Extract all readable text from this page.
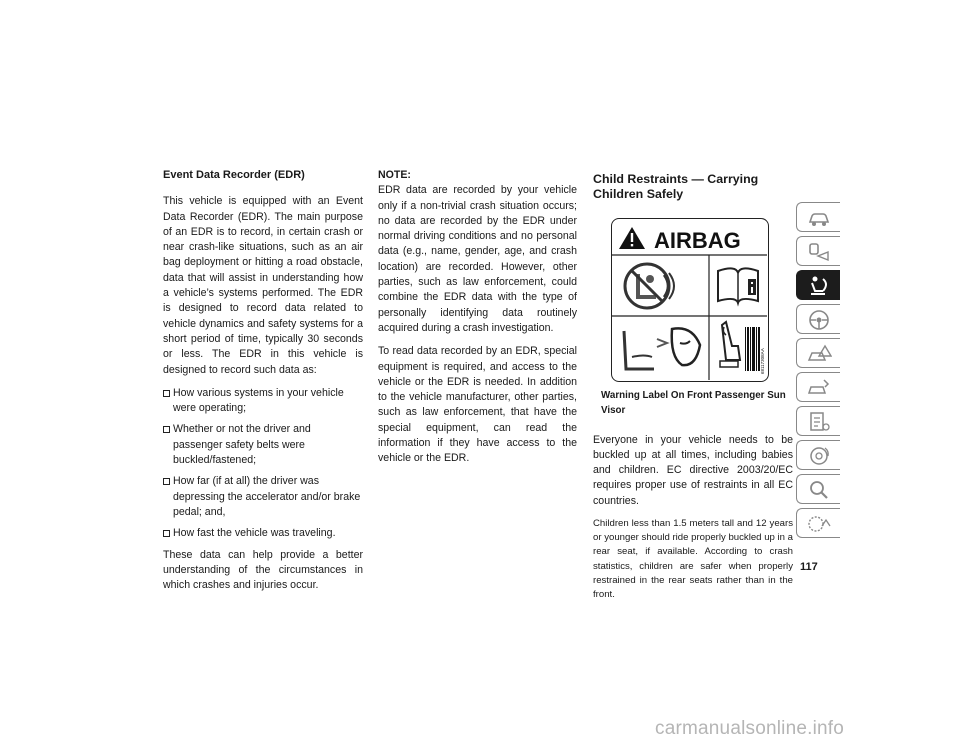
Event Data Recorder (EDR)

This vehicle is equipped with an Event Data Recorder (EDR). The main purpose of an EDR is to record, in certain crash or near crash-like situations, such as an air bag deployment or hitting a road obstacle, data that will assist in understanding how a vehicle’s systems performed. The EDR is designed to record data related to vehicle dynamics and safety systems for a short period of time, typically 30 seconds or less. The EDR in this vehicle is designed to record such data as:

How various systems in your vehicle were operating;
Whether or not the driver and passenger safety belts were buckled/fastened;
How far (if at all) the driver was depressing the accelerator and/or brake pedal; and,
How fast the vehicle was traveling.

These data can help provide a better understanding of the circumstances in which crashes and injuries occur.

NOTE:
EDR data are recorded by your vehicle only if a non-trivial crash situation occurs; no data are recorded by the EDR under normal driving conditions and no personal data (e.g., name, gender, age, and crash location) are recorded. However, other parties, such as law enforcement, could combine the EDR data with the type of personally identifying data routinely acquired during a crash investigation.

To read data recorded by an EDR, special equipment is required, and access to the vehicle or the EDR is needed. In addition to the vehicle manufacturer, other parties, such as law enforcement, that have the special equipment, can read the information if they have access to the vehicle or the EDR.

Child Restraints — Carrying Children Safely
AIRBAG
68117308AA
Warning Label On Front Passenger Sun Visor

Everyone in your vehicle needs to be buckled up at all times, including babies and children. EC directive 2003/20/EC requires proper use of restraints in all EC countries.

Children less than 1.5 meters tall and 12 years or younger should ride properly buckled up in a rear seat, if available. According to crash statistics, children are safer when properly restrained in the rear seats rather than in the front.

117
carmanualsonline.info
